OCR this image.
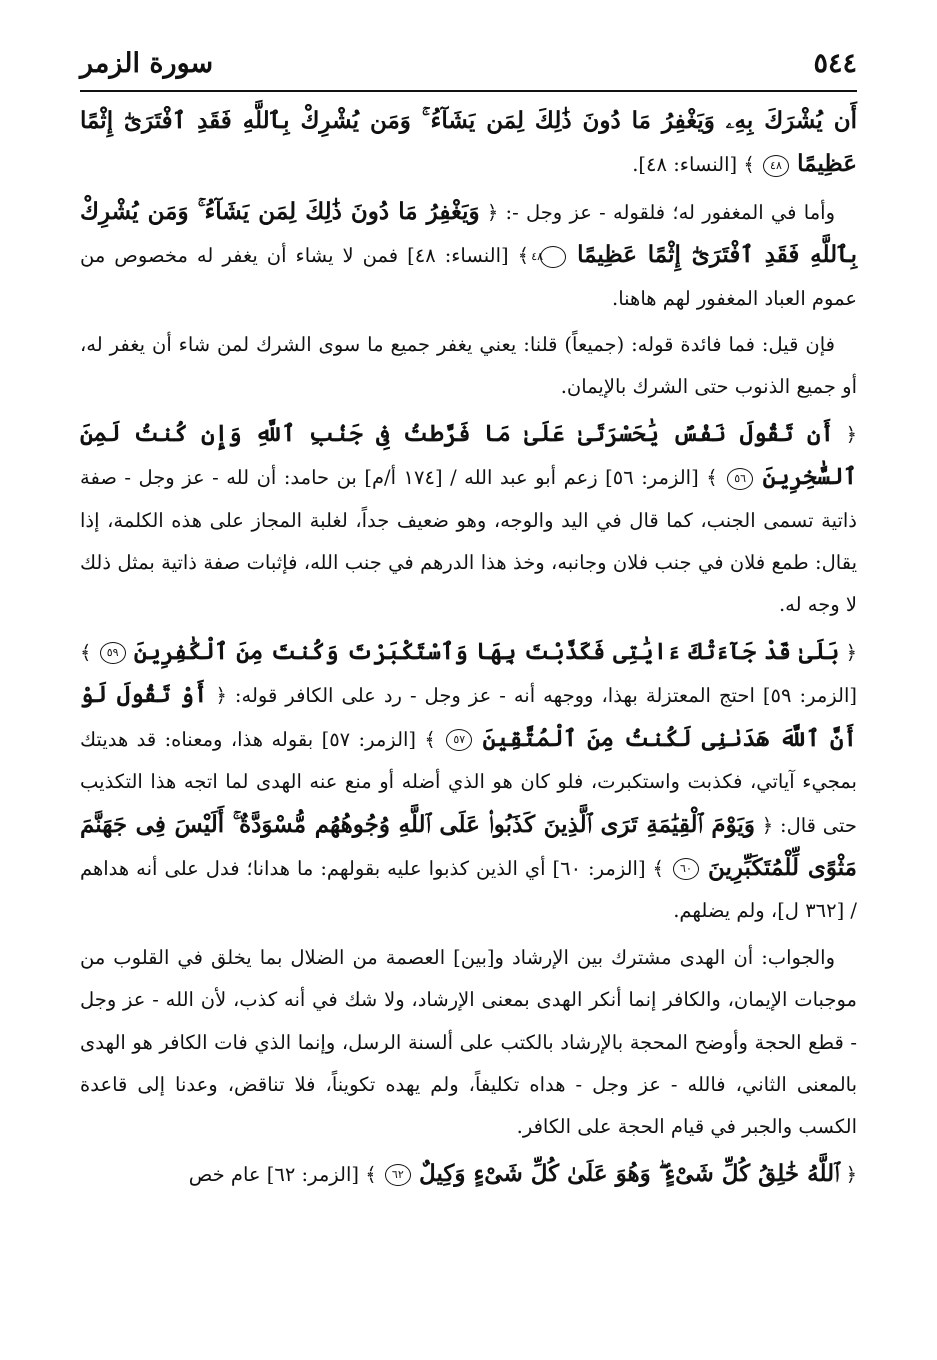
٥٤٤
سورة الزمر

أَن يُشْرَكَ بِهِۦ وَيَغْفِرُ مَا دُونَ ذَٰلِكَ لِمَن يَشَآءُ ۚ وَمَن يُشْرِكْ بِٱللَّهِ فَقَدِ ٱفْتَرَىٰٓ إِثْمًا عَظِيمًا ٤٨ ﴾ [النساء: ٤٨].

وأما في المغفور له؛ فلقوله - عز وجل -: ﴿ وَيَغْفِرُ مَا دُونَ ذَٰلِكَ لِمَن يَشَآءُ ۚ وَمَن يُشْرِكْ بِٱللَّهِ فَقَدِ ٱفْتَرَىٰٓ إِثْمًا عَظِيمًا ٤٨ ﴾ [النساء: ٤٨] فمن لا يشاء أن يغفر له مخصوص من عموم العباد المغفور لهم هاهنا.

فإن قيل: فما فائدة قوله: (جميعاً) قلنا: يعني يغفر جميع ما سوى الشرك لمن شاء أن يغفر له، أو جميع الذنوب حتى الشرك بالإيمان.

﴿ أَن تَقُولَ نَفْسٌ يَٰحَسْرَتَىٰ عَلَىٰ مَا فَرَّطتُ فِى جَنۢبِ ٱللَّهِ وَإِن كُنتُ لَمِنَ ٱلسَّٰخِرِينَ ٥٦ ﴾ [الزمر: ٥٦] زعم أبو عبد الله / [١٧٤ أ/م] بن حامد: أن لله - عز وجل - صفة ذاتية تسمى الجنب، كما قال في اليد والوجه، وهو ضعيف جداً، لغلبة المجاز على هذه الكلمة، إذا يقال: طمع فلان في جنب فلان وجانبه، وخذ هذا الدرهم في جنب الله، فإثبات صفة ذاتية بمثل ذلك لا وجه له.

﴿ بَلَىٰ قَدْ جَآءَتْكَ ءَايَٰتِى فَكَذَّبْتَ بِهَا وَٱسْتَكْبَرْتَ وَكُنتَ مِنَ ٱلْكَٰفِرِينَ ٥٩ ﴾ [الزمر: ٥٩] احتج المعتزلة بهذا، ووجهه أنه - عز وجل - رد على الكافر قوله: ﴿ أَوْ تَقُولَ لَوْ أَنَّ ٱللَّهَ هَدَىٰنِى لَكُنتُ مِنَ ٱلْمُتَّقِينَ ٥٧ ﴾ [الزمر: ٥٧] بقوله هذا، ومعناه: قد هديتك بمجيء آياتي، فكذبت واستكبرت، فلو كان هو الذي أضله أو منع عنه الهدى لما اتجه هذا التكذيب حتى قال: ﴿ وَيَوْمَ ٱلْقِيَٰمَةِ تَرَى ٱلَّذِينَ كَذَبُوا۟ عَلَى ٱللَّهِ وُجُوهُهُم مُّسْوَدَّةٌ ۚ أَلَيْسَ فِى جَهَنَّمَ مَثْوًى لِّلْمُتَكَبِّرِينَ ٦٠ ﴾ [الزمر: ٦٠] أي الذين كذبوا عليه بقولهم: ما هدانا؛ فدل على أنه هداهم / [٣٦٢ ل]، ولم يضلهم.

والجواب: أن الهدى مشترك بين الإرشاد و[بين] العصمة من الضلال بما يخلق في القلوب من موجبات الإيمان، والكافر إنما أنكر الهدى بمعنى الإرشاد، ولا شك في أنه كذب، لأن الله - عز وجل - قطع الحجة وأوضح المحجة بالإرشاد بالكتب على ألسنة الرسل، وإنما الذي فات الكافر هو الهدى بالمعنى الثاني، فالله - عز وجل - هداه تكليفاً، ولم يهده تكويناً، فلا تناقض، وعدنا إلى قاعدة الكسب والجبر في قيام الحجة على الكافر.

﴿ ٱللَّهُ خَٰلِقُ كُلِّ شَىْءٍ ۖ وَهُوَ عَلَىٰ كُلِّ شَىْءٍ وَكِيلٌ ٦٢ ﴾ [الزمر: ٦٢] عام خص
